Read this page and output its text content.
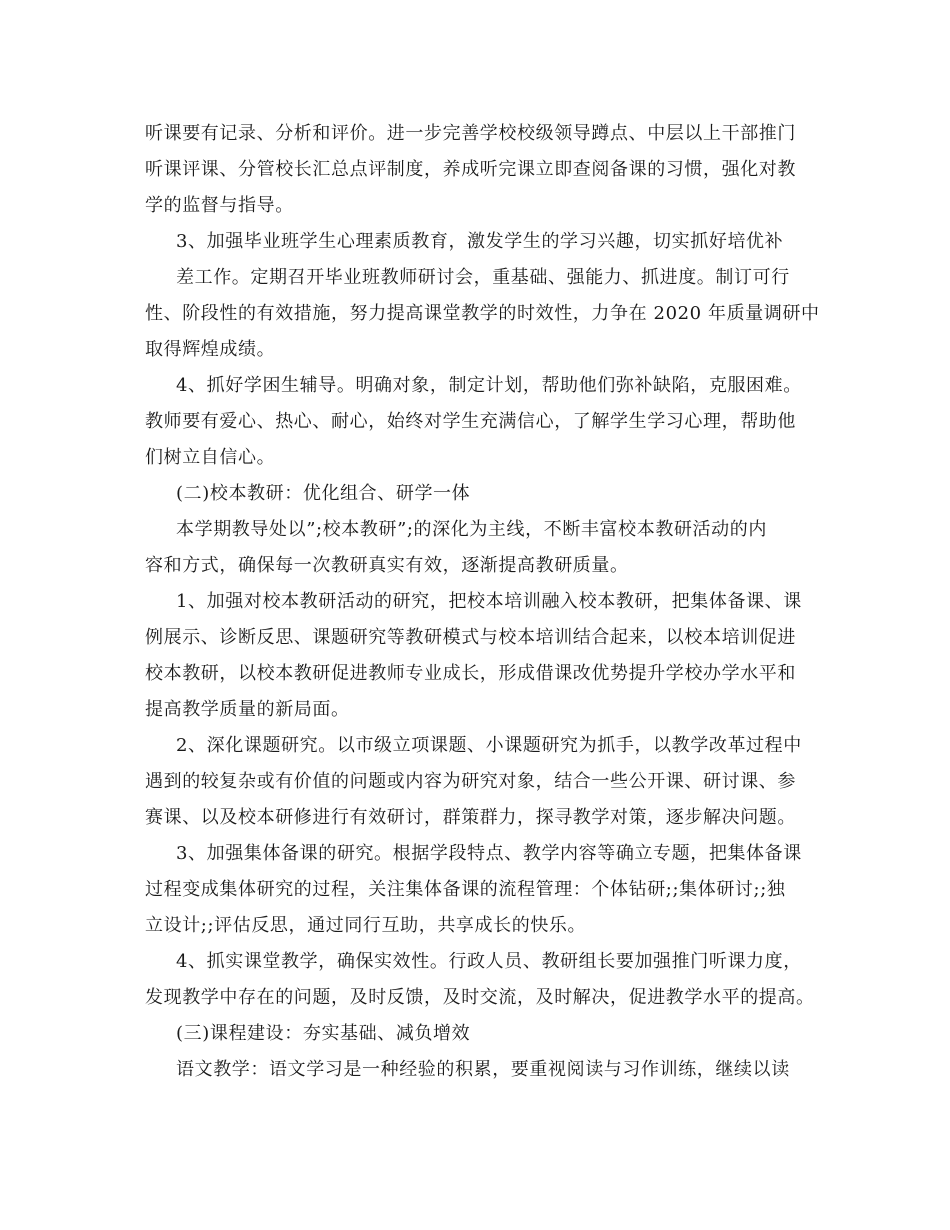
听课要有记录、分析和评价。进一步完善学校校级领导蹲点、中层以上干部推门
听课评课、分管校长汇总点评制度，养成听完课立即查阅备课的习惯，强化对教
学的监督与指导。
3、加强毕业班学生心理素质教育，激发学生的学习兴趣，切实抓好培优补
差工作。定期召开毕业班教师研讨会，重基础、强能力、抓进度。制订可行
性、阶段性的有效措施，努力提高课堂教学的时效性，力争在 2020 年质量调研中
取得辉煌成绩。
4、抓好学困生辅导。明确对象，制定计划，帮助他们弥补缺陷，克服困难。
教师要有爱心、热心、耐心，始终对学生充满信心，了解学生学习心理，帮助他
们树立自信心。
(二)校本教研：优化组合、研学一体
本学期教导处以”;校本教研”;的深化为主线，不断丰富校本教研活动的内
容和方式，确保每一次教研真实有效，逐渐提高教研质量。
1、加强对校本教研活动的研究，把校本培训融入校本教研，把集体备课、课
例展示、诊断反思、课题研究等教研模式与校本培训结合起来，以校本培训促进
校本教研，以校本教研促进教师专业成长，形成借课改优势提升学校办学水平和
提高教学质量的新局面。
2、深化课题研究。以市级立项课题、小课题研究为抓手，以教学改革过程中
遇到的较复杂或有价值的问题或内容为研究对象，结合一些公开课、研讨课、参
赛课、以及校本研修进行有效研讨，群策群力，探寻教学对策，逐步解决问题。
3、加强集体备课的研究。根据学段特点、教学内容等确立专题，把集体备课
过程变成集体研究的过程，关注集体备课的流程管理：个体钻研;;集体研讨;;独
立设计;;评估反思，通过同行互助，共享成长的快乐。
4、抓实课堂教学，确保实效性。行政人员、教研组长要加强推门听课力度，
发现教学中存在的问题，及时反馈，及时交流，及时解决，促进教学水平的提高。
(三)课程建设：夯实基础、减负增效
语文教学：语文学习是一种经验的积累，要重视阅读与习作训练，继续以读
